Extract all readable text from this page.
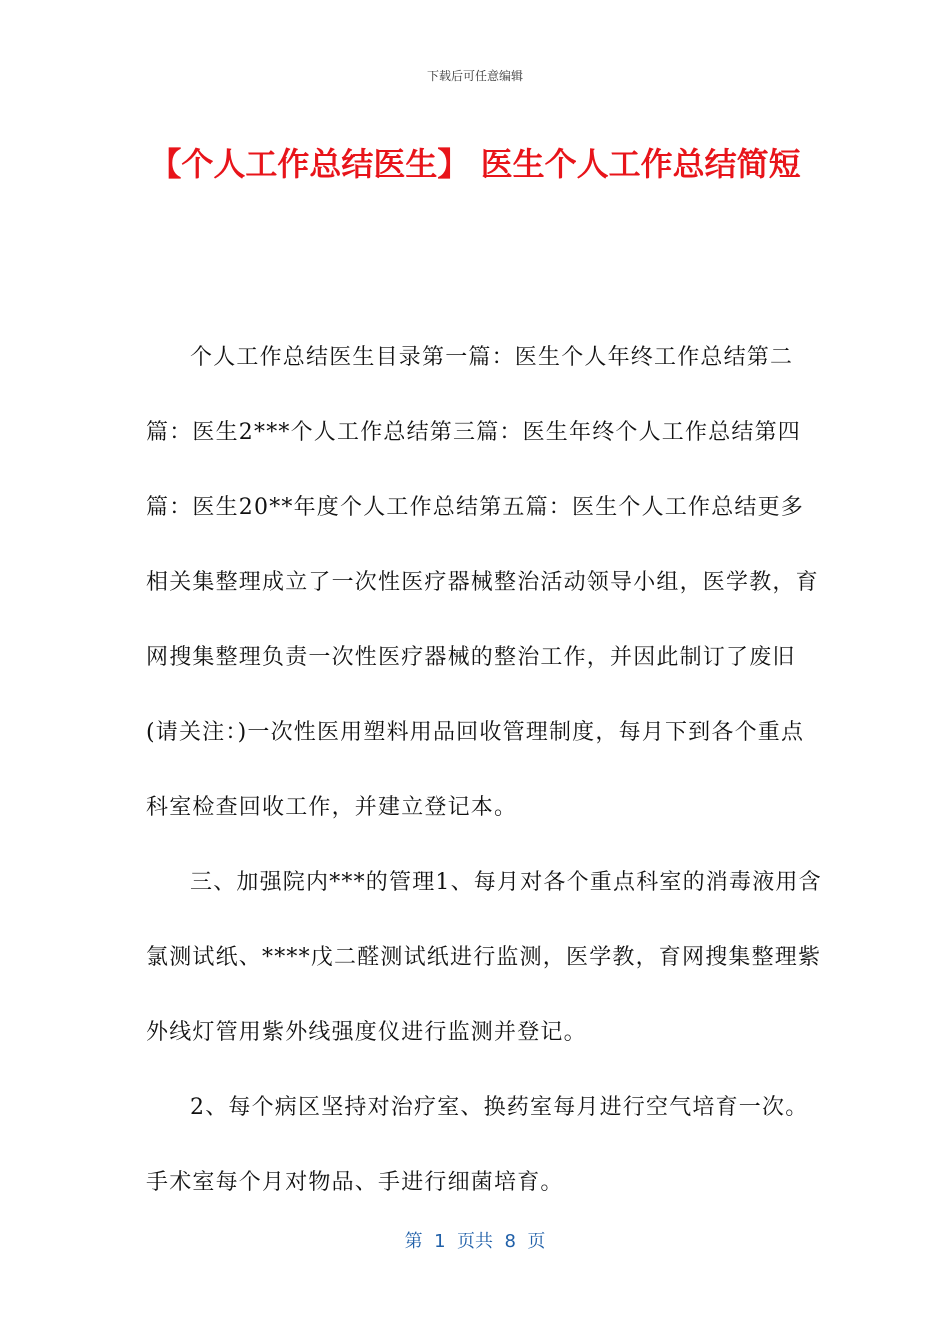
下载后可任意编辑
【个人工作总结医生】 医生个人工作总结简短

个人工作总结医生目录第一篇：医生个人年终工作总结第二篇：医生2***个人工作总结第三篇：医生年终个人工作总结第四篇：医生20**年度个人工作总结第五篇：医生个人工作总结更多相关集整理成立了一次性医疗器械整治活动领导小组，医学教，育网搜集整理负责一次性医疗器械的整治工作，并因此制订了废旧(请关注：)一次性医用塑料用品回收管理制度，每月下到各个重点科室检查回收工作，并建立登记本。

三、加强院内***的管理1、每月对各个重点科室的消毒液用含氯测试纸、****戊二醛测试纸进行监测，医学教，育网搜集整理紫外线灯管用紫外线强度仪进行监测并登记。

2、每个病区坚持对治疗室、换药室每月进行空气培育一次。手术室每个月对物品、手进行细菌培育。

第  1  页共  8  页
